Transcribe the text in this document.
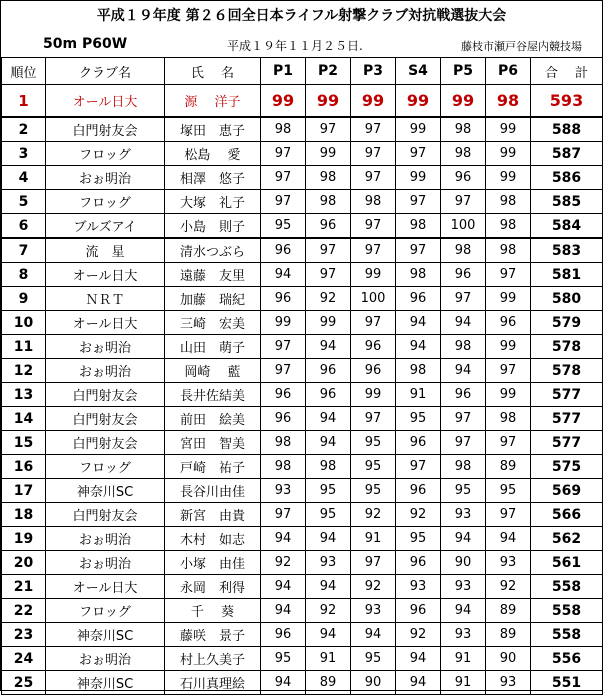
平成１９年度 第２６回全日本ライフル射撃クラブ対抗戦選抜大会
50m P60W	平成１９年１１月２５日.	藤枝市瀬戸谷屋内競技場
順位	クラブ名	氏　 名	P1	P2	P3	S4	P5	P6	合　 計
1	オール日大	源　 洋子	99	99	99	99	99	98	593
2	白門射友会	塚田　恵子	98	97	97	99	98	99	588
3	フロッグ	松島　 愛	97	99	97	97	98	99	587
4	おぉ明治	相澤　悠子	97	98	97	99	96	99	586
5	フロッグ	大塚　礼子	97	98	98	97	97	98	585
6	ブルズアイ	小島　則子	95	96	97	98	100	98	584
7	流　星	清水つぶら	96	97	97	97	98	98	583
8	オール日大	遠藤　友里	94	97	99	98	96	97	581
9	ＮＲＴ	加藤　瑞紀	96	92	100	96	97	99	580
10	オール日大	三崎　宏美	99	99	97	94	94	96	579
11	おぉ明治	山田　萌子	97	94	96	94	98	99	578
12	おぉ明治	岡崎　 藍	97	96	96	98	94	97	578
13	白門射友会	長井佐結美	96	96	99	91	96	99	577
14	白門射友会	前田　絵美	96	94	97	95	97	98	577
15	白門射友会	宮田　智美	98	94	95	96	97	97	577
16	フロッグ	戸崎　祐子	98	98	95	97	98	89	575
17	神奈川SC	長谷川由佳	93	95	95	96	95	95	569
18	白門射友会	新宮　由貴	97	95	92	92	93	97	566
19	おぉ明治	木村　如志	94	94	91	95	94	94	562
20	おぉ明治	小塚　由佳	92	93	97	96	90	93	561
21	オール日大	永岡　利得	94	94	92	93	93	92	558
22	フロッグ	千　 葵	94	92	93	96	94	89	558
23	神奈川SC	藤咲　景子	96	94	94	92	93	89	558
24	おぉ明治	村上久美子	95	91	95	94	91	90	556
25	神奈川SC	石川真理絵	94	89	90	94	91	93	551
